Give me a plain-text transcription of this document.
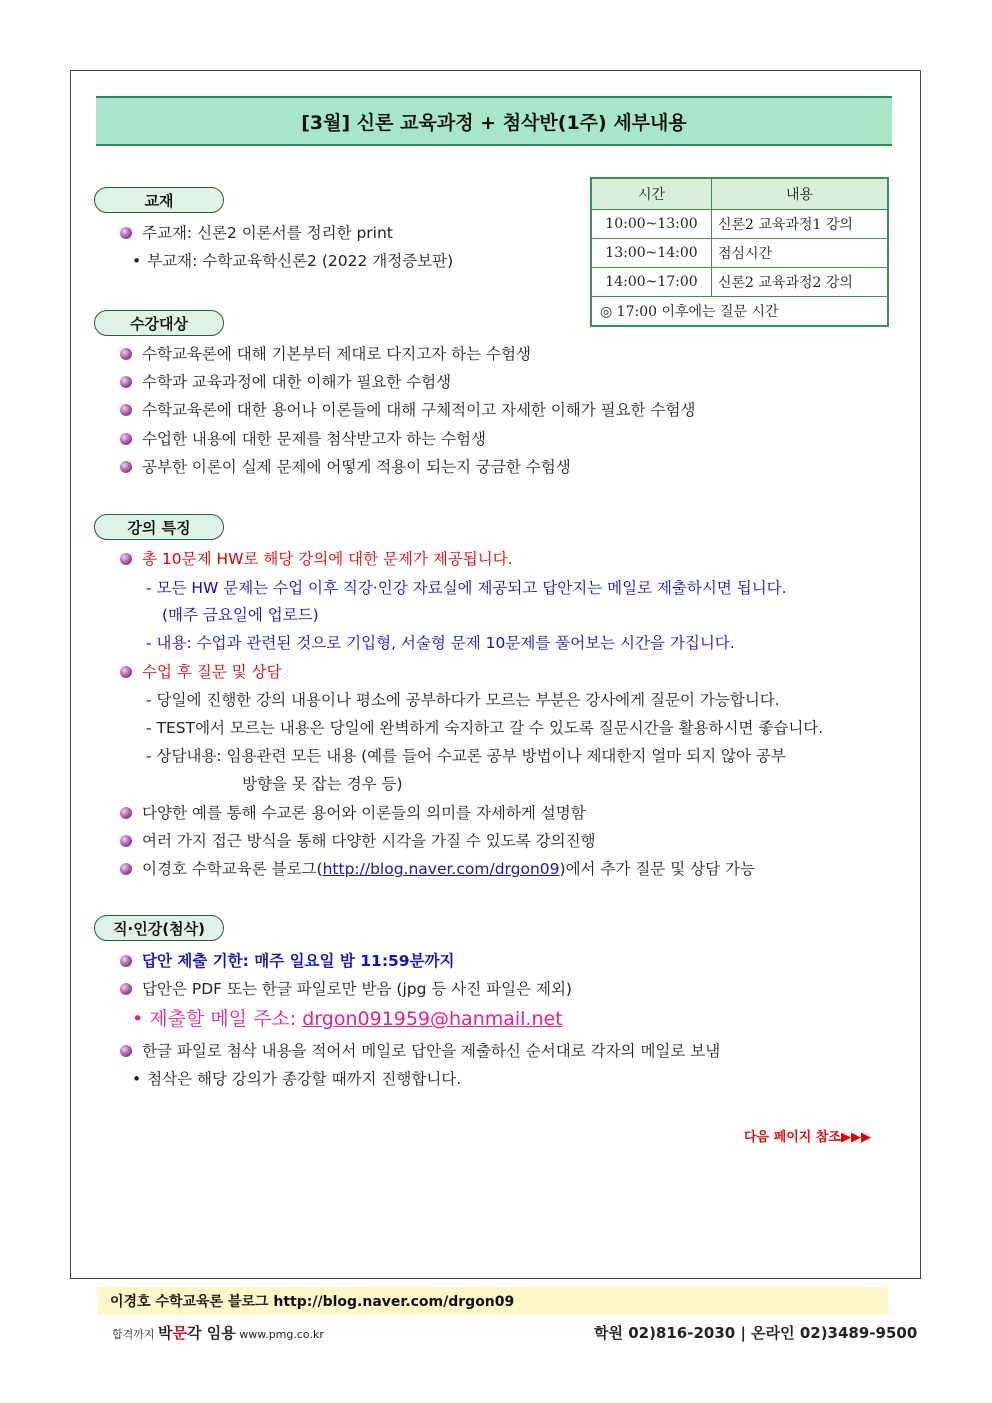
[3월] 신론 교육과정 + 첨삭반(1주) 세부내용
교재
주교재: 신론2 이론서를 정리한 print
• 부교재: 수학교육학신론2 (2022 개정증보판)
시간	내용
10:00~13:00	신론2 교육과정1 강의
13:00~14:00	점심시간
14:00~17:00	신론2 교육과정2 강의
◎ 17:00 이후에는 질문 시간	
수강대상
수학교육론에 대해 기본부터 제대로 다지고자 하는 수험생
수학과 교육과정에 대한 이해가 필요한 수험생
수학교육론에 대한 용어나 이론들에 대해 구체적이고 자세한 이해가 필요한 수험생
수업한 내용에 대한 문제를 첨삭받고자 하는 수험생
공부한 이론이 실제 문제에 어떻게 적용이 되는지 궁금한 수험생
강의 특징
총 10문제 HW로 해당 강의에 대한 문제가 제공됩니다.
- 모든 HW 문제는 수업 이후 직강·인강 자료실에 제공되고 답안지는 메일로 제출하시면 됩니다.
(매주 금요일에 업로드)
- 내용: 수업과 관련된 것으로 기입형, 서술형 문제 10문제를 풀어보는 시간을 가집니다.
수업 후 질문 및 상담
- 당일에 진행한 강의 내용이나 평소에 공부하다가 모르는 부분은 강사에게 질문이 가능합니다.
- TEST에서 모르는 내용은 당일에 완벽하게 숙지하고 갈 수 있도록 질문시간을 활용하시면 좋습니다.
- 상담내용: 임용관련 모든 내용 (예를 들어 수교론 공부 방법이나 제대한지 얼마 되지 않아 공부
방향을 못 잡는 경우 등)
다양한 예를 통해 수교론 용어와 이론들의 의미를 자세하게 설명함
여러 가지 접근 방식을 통해 다양한 시각을 가질 수 있도록 강의진행
이경호 수학교육론 블로그(http://blog.naver.com/drgon09)에서 추가 질문 및 상담 가능
직·인강(첨삭)
답안 제출 기한: 매주 일요일 밤 11:59분까지
답안은 PDF 또는 한글 파일로만 받음 (jpg 등 사진 파일은 제외)
• 제출할 메일 주소: drgon091959@hanmail.net
한글 파일로 첨삭 내용을 적어서 메일로 답안을 제출하신 순서대로 각자의 메일로 보냄
• 첨삭은 해당 강의가 종강할 때까지 진행합니다.
다음 페이지 참조▶▶▶
이경호 수학교육론 블로그 http://blog.naver.com/drgon09
합격까지 박문각 임용 www.pmg.co.kr	학원 02)816-2030 | 온라인 02)3489-9500
